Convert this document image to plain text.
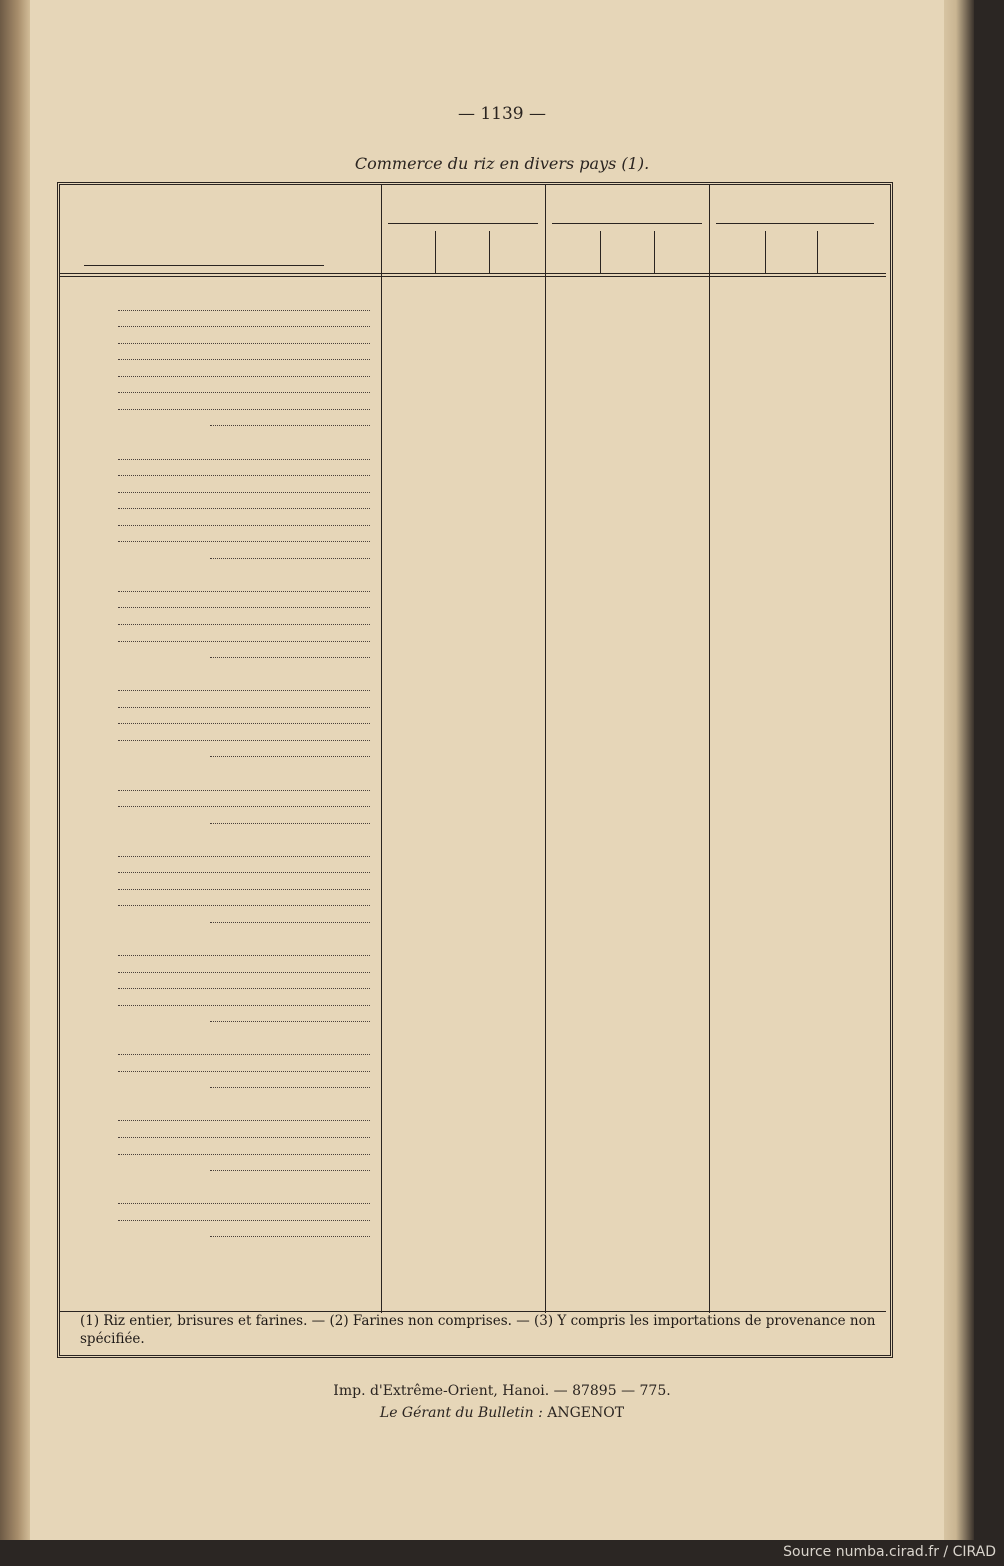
— 1139 —
Commerce du riz en divers pays (1).
(1) Riz entier, brisures et farines. — (2) Farines non comprises. — (3) Y compris les importations de provenance non spécifiée.
Imp. d'Extrême-Orient, Hanoi. — 87895 — 775.
Le Gérant du Bulletin : ANGENOT
Source numba.cirad.fr / CIRAD
